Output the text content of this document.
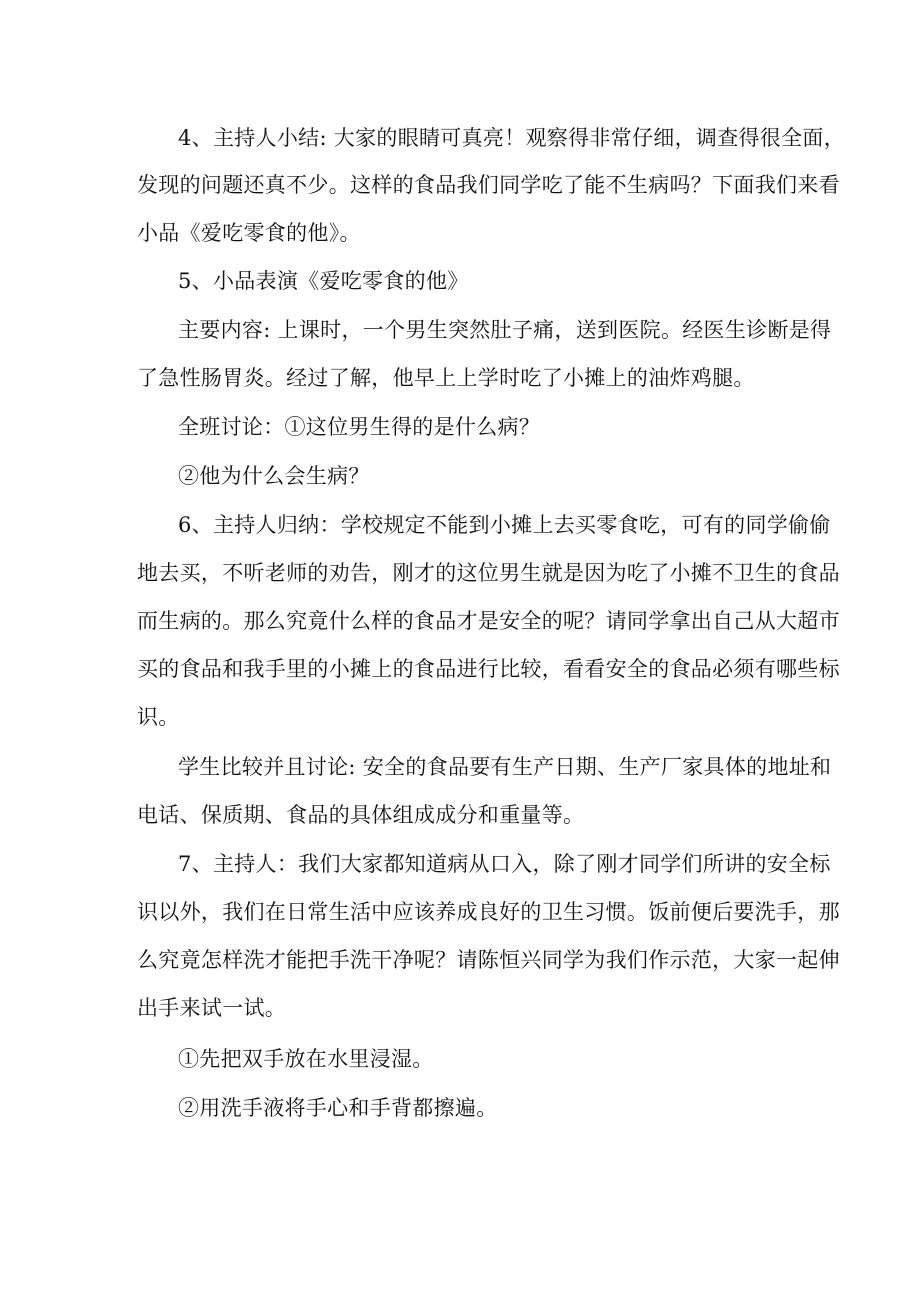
4、主持人小结: 大家的眼睛可真亮！观察得非常仔细，调查得很全面，
发现的问题还真不少。这样的食品我们同学吃了能不生病吗？下面我们来看
小品《爱吃零食的他》。
5、小品表演《爱吃零食的他》
主要内容: 上课时，一个男生突然肚子痛，送到医院。经医生诊断是得
了急性肠胃炎。经过了解，他早上上学时吃了小摊上的油炸鸡腿。
全班讨论：①这位男生得的是什么病？
②他为什么会生病？
6、主持人归纳：学校规定不能到小摊上去买零食吃，可有的同学偷偷
地去买，不听老师的劝告，刚才的这位男生就是因为吃了小摊不卫生的食品
而生病的。那么究竟什么样的食品才是安全的呢？请同学拿出自己从大超市
买的食品和我手里的小摊上的食品进行比较，看看安全的食品必须有哪些标
识。
学生比较并且讨论: 安全的食品要有生产日期、生产厂家具体的地址和
电话、保质期、食品的具体组成成分和重量等。
7、主持人：我们大家都知道病从口入，除了刚才同学们所讲的安全标
识以外，我们在日常生活中应该养成良好的卫生习惯。饭前便后要洗手，那
么究竟怎样洗才能把手洗干净呢？请陈恒兴同学为我们作示范，大家一起伸
出手来试一试。
①先把双手放在水里浸湿。
②用洗手液将手心和手背都擦遍。
